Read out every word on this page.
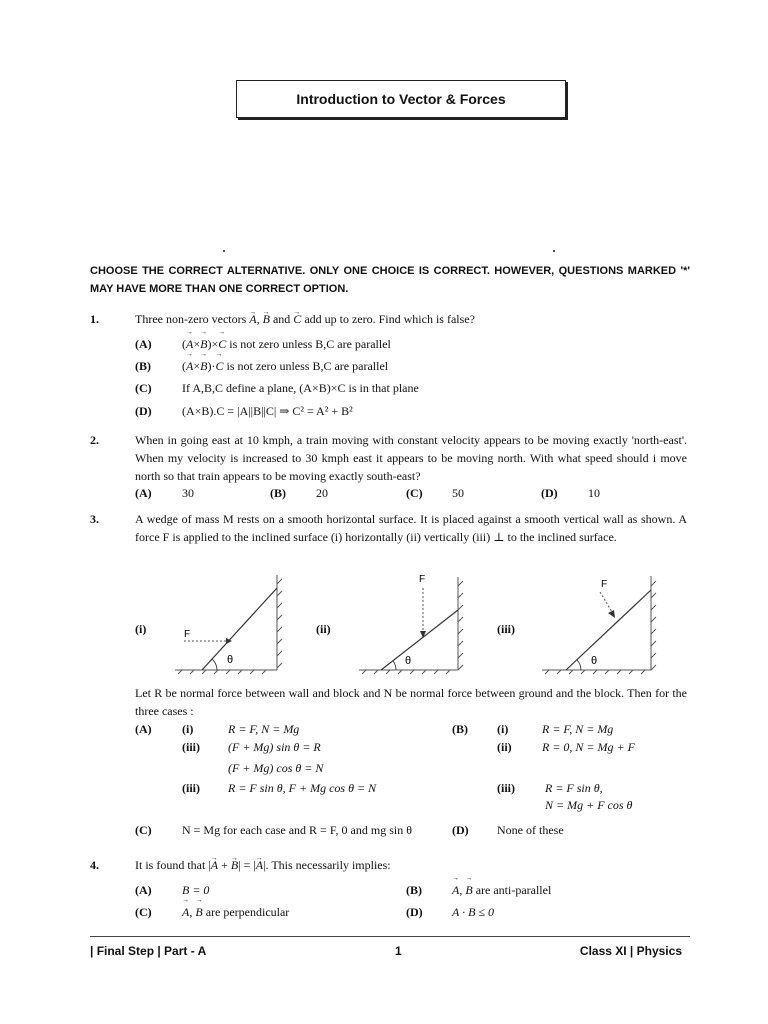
Introduction to Vector & Forces
CHOOSE THE CORRECT ALTERNATIVE. ONLY ONE CHOICE IS CORRECT. HOWEVER, QUESTIONS MARKED '*' MAY HAVE MORE THAN ONE CORRECT OPTION.
1.	Three non-zero vectors → A, → B and → C add up to zero. Find which is false?
(A)	(→ A×→ B)×→ C is not zero unless B,C are parallel
(B)	(→ A×→ B)·→ C is not zero unless B,C are parallel
(C)	If A,B,C define a plane, (A×B)×C is in that plane
(D)	(A×B).C = |A||B||C| ⇒ C² = A² + B²
2.	When in going east at 10 kmph, a train moving with constant velocity appears to be moving exactly 'north-east'. When my velocity is increased to 30 kmph east it appears to be moving north. With what speed should i move north so that train appears to be moving exactly south-east?
(A)	30	(B)	20	(C) 50	(D)	10
3.	A wedge of mass M rests on a smooth horizontal surface. It is placed against a smooth vertical wall as shown. A force F is applied to the inclined surface (i) horizontally (ii) vertically (iii) ⊥ to the inclined surface.
(i)	(ii)	(iii)
θ
F
θ
F
θ
F
Let R be normal force between wall and block and N be normal force between ground and the block. Then for the three cases :
(A)	(i)	R = F, N = Mg
(iii) (F + Mg) sin θ = R
(F + Mg) cos θ = N
(iii) R = F sin θ, F + Mg cos θ = N
(B) (i)	R = F, N = Mg
(ii)	R = 0, N = Mg + F
(iii)	R = F sin θ,
N = Mg + F cos θ
(C)	N = Mg for each case and R = F, 0 and mg sin θ	(D) None of these
4.	It is found that |→ A + → B| = |→ A|. This necessarily implies:
(A)	B = 0	(B)	→ A, → B are anti-parallel
(C)	→ A, → B are perpendicular	(D) A · B ≤ 0
| Final Step | Part - A	1	Class XI | Physics
